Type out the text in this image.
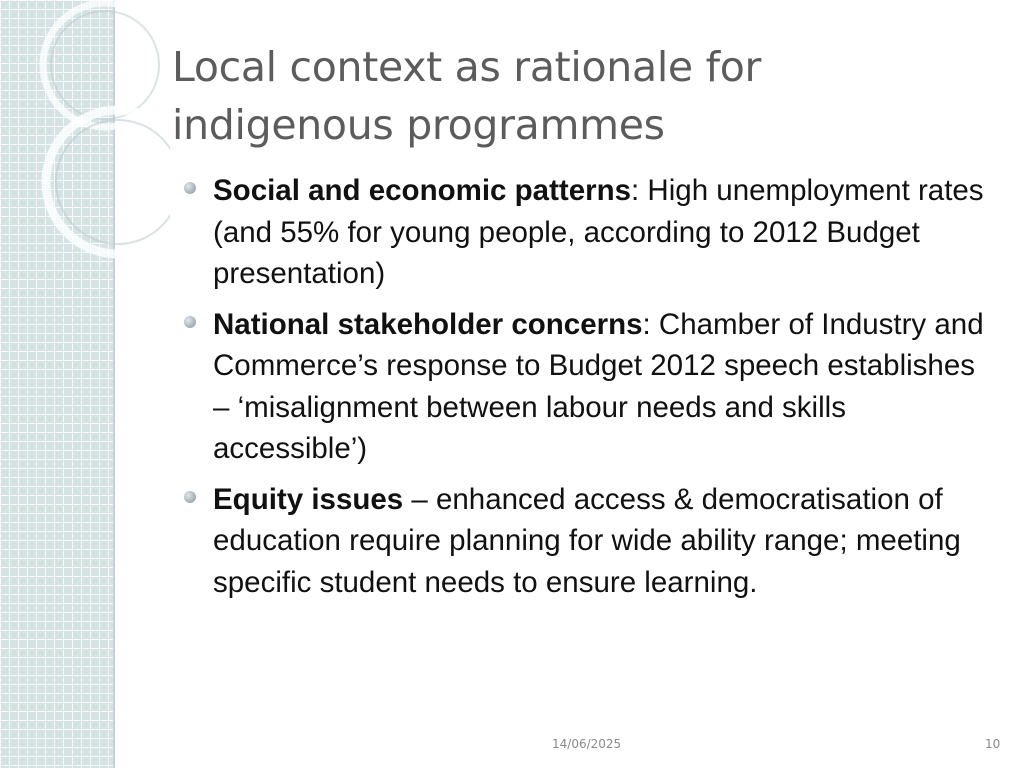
Local context as rationale for indigenous programmes
Social and economic patterns: High unemployment rates (and 55% for young people, according to 2012 Budget presentation)
National stakeholder concerns: Chamber of Industry and Commerce’s response to Budget 2012 speech establishes – ‘misalignment between labour needs and skills accessible’)
Equity issues – enhanced access & democratisation of education require planning for wide ability range; meeting specific student needs to ensure learning.
14/06/2025	10
